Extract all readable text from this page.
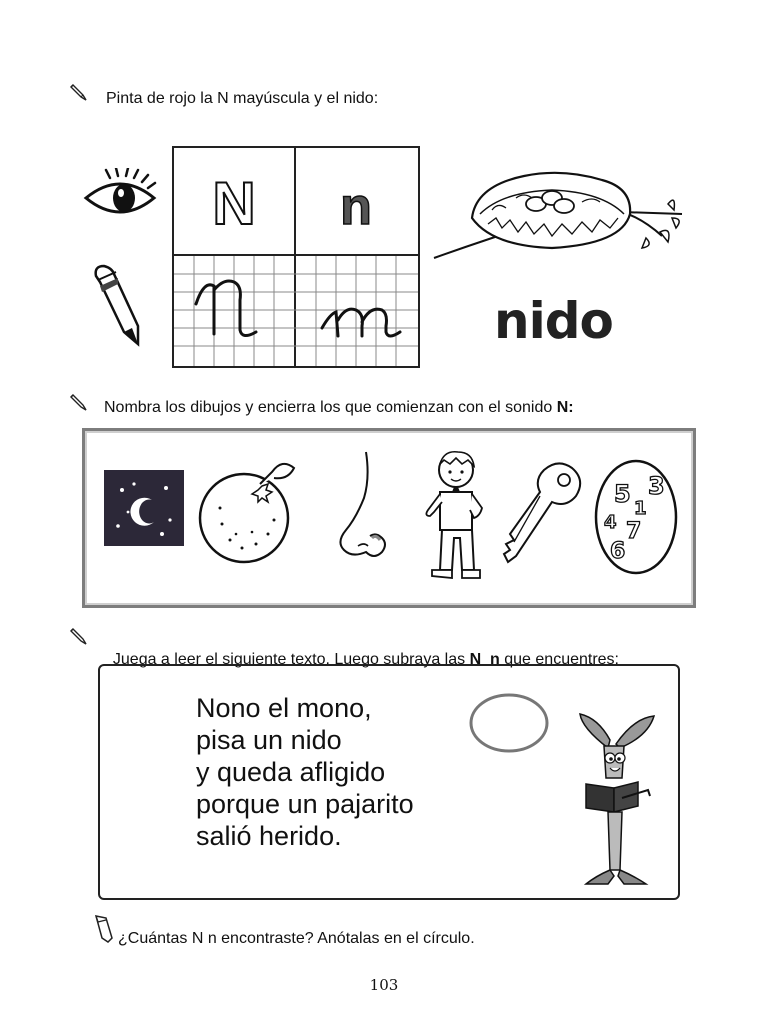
Pinta de rojo la N mayúscula y el nido:
N n
nido
Nombra los dibujos y encierra los que comienzan con el sonido N:
5 3
1
4 7
6

Juega a leer el siguiente texto. Luego subraya las N  n que encuentres:

Nono el mono,
pisa un nido
y queda afligido
porque un pajarito
salió herido.
¿Cuántas N n encontraste? Anótalas en el círculo.
103
